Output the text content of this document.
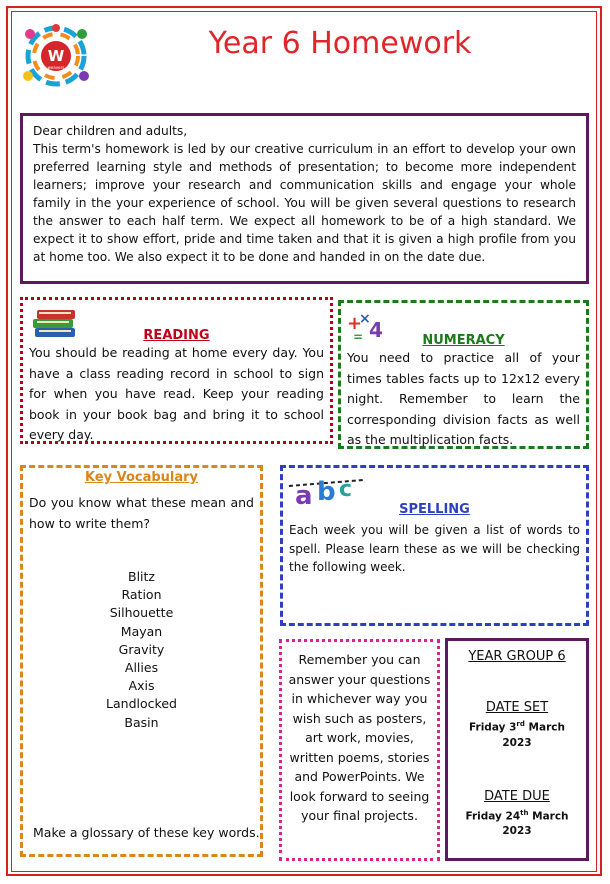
W
weavers
Year 6 Homework

Dear children and adults,

This term's homework is led by our creative curriculum in an effort to develop your own preferred learning style and methods of presentation; to become more independent learners; improve your research and communication skills and engage your whole family in the your experience of school. You will be given several questions to research the answer to each half term. We expect all homework to be of a high standard. We expect it to show effort, pride and time taken and that it is given a high profile from you at home too. We also expect it to be done and handed in on the date due.

READING
You should be reading at home every day. You have a class reading record in school to sign for when you have read. Keep your reading book in your book bag and bring it to school every day.
+
×
4
=	NUMERACY
You need to practice all of your times tables facts up to 12x12 every night. Remember to learn the corresponding division facts as well as the multiplication facts.
Key Vocabulary
Do you know what these mean and how to write them?
Blitz
Ration
Silhouette
Mayan
Gravity
Allies
Axis
Landlocked
Basin
Make a glossary of these key words.
a b c
SPELLING
Each week you will be given a list of words to spell. Please learn these as we will be checking the following week.
Remember you can answer your questions in whichever way you wish such as posters, art work, movies, written poems, stories and PowerPoints. We look forward to seeing your final projects.
YEAR GROUP 6
DATE SET
Friday 3rd March
2023
DATE DUE
Friday 24th March
2023
